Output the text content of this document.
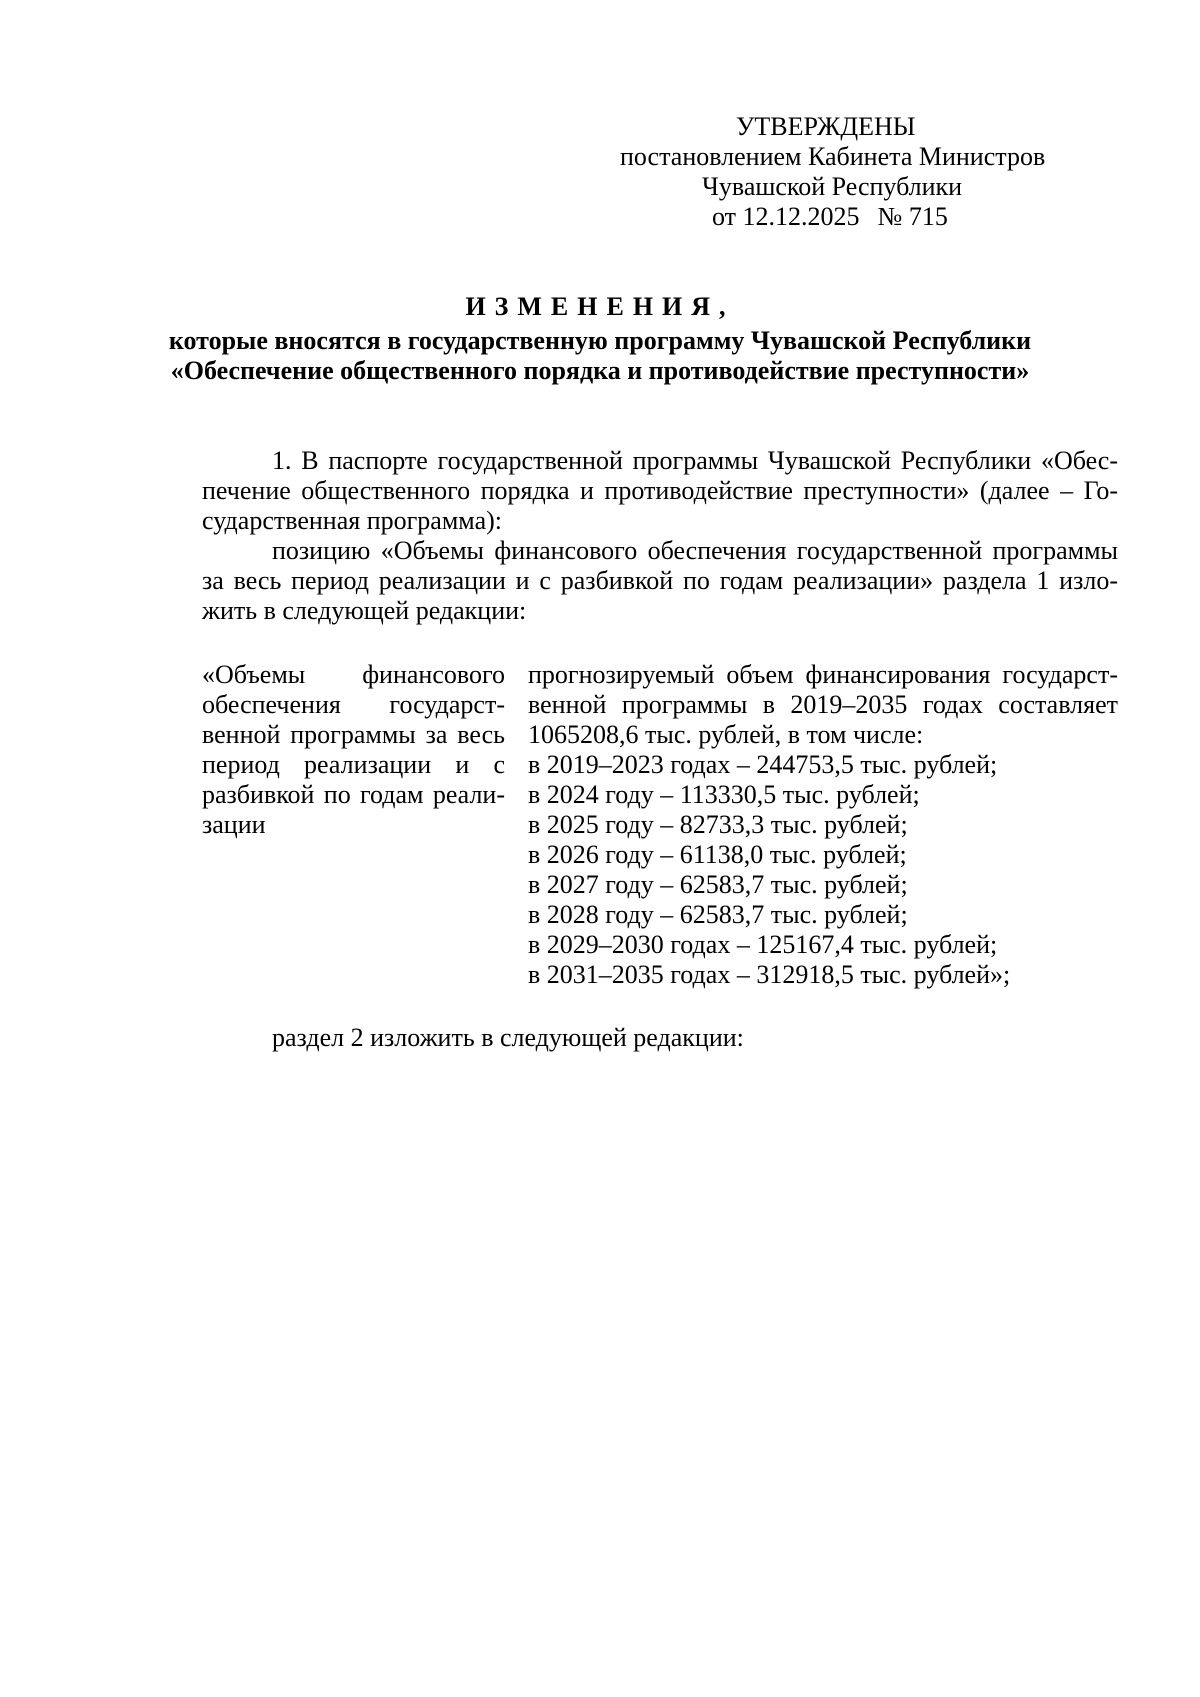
УТВЕРЖДЕНЫ
постановлением Кабинета Министров
Чувашской Республики
от 12.12.2025 № 715
ИЗМЕНЕНИЯ,
которые вносятся в государственную программу Чувашской Республики
«Обеспечение общественного порядка и противодействие преступности»
1. В паспорте государственной программы Чувашской Республики «Обес-
печение общественного порядка и противодействие преступности» (далее – Го-
сударственная программа):
позицию «Объемы финансового обеспечения государственной программы
за весь период реализации и с разбивкой по годам реализации» раздела 1 изло-
жить в следующей редакции:
«Объемы финансового
обеспечения государст-
венной программы за весь
период реализации и с
разбивкой по годам реали-
зации
прогнозируемый объем финансирования государст-
венной программы в 2019–2035 годах составляет
1065208,6 тыс. рублей, в том числе:
в 2019–2023 годах – 244753,5 тыс. рублей;
в 2024 году – 113330,5 тыс. рублей;
в 2025 году – 82733,3 тыс. рублей;
в 2026 году – 61138,0 тыс. рублей;
в 2027 году – 62583,7 тыс. рублей;
в 2028 году – 62583,7 тыс. рублей;
в 2029–2030 годах – 125167,4 тыс. рублей;
в 2031–2035 годах – 312918,5 тыс. рублей»;
раздел 2 изложить в следующей редакции:
